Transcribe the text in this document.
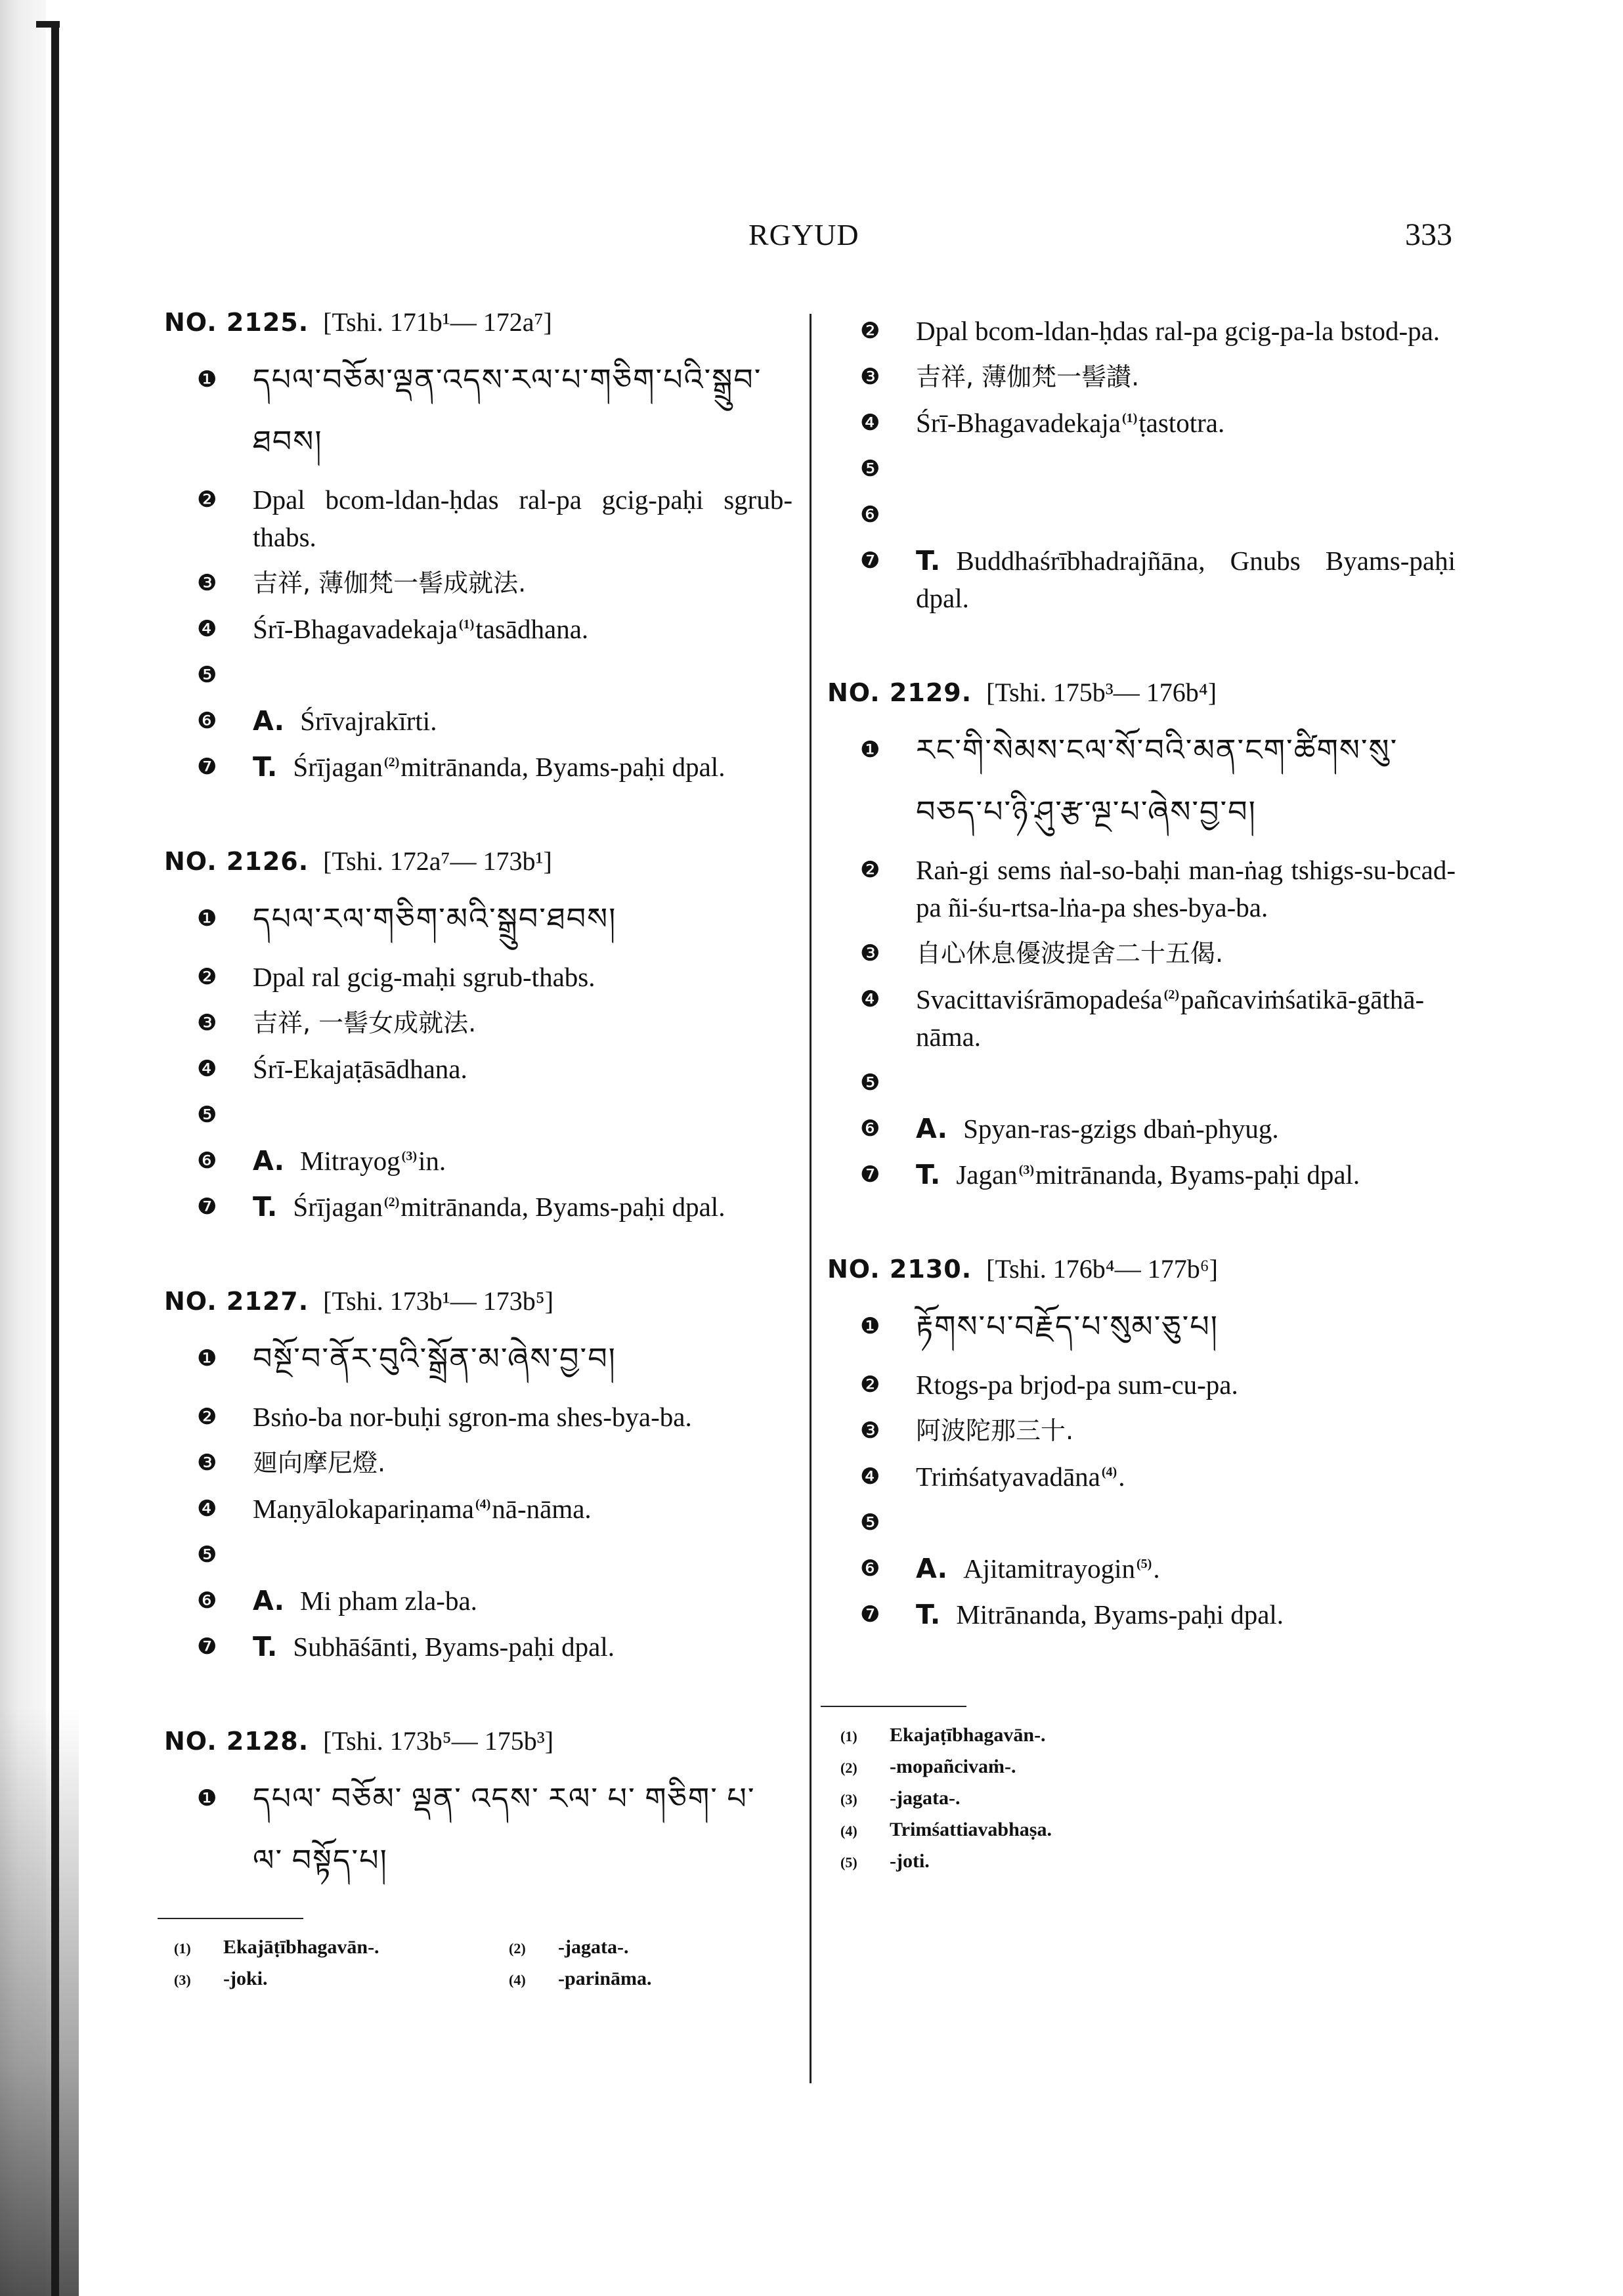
RGYUD	333
NO. 2125. [Tshi. 171b¹— 172a⁷]
❶ དཔལ་བཅོམ་ལྡན་འདས་རལ་པ་གཅིག་པའི་སྒྲུབ་ཐབས།
❷ Dpal bcom-ldan-ḥdas ral-pa gcig-paḥi sgrub-thabs.
❸ 吉祥, 薄伽梵一髻成就法.
❹ Śrī-Bhagavadekaja $^{(1)}$tasādhana.
❺
❻ A. Śrīvajrakīrti.
❼ T. Śrījagan $^{(2)}$mitrānanda, Byams-paḥi dpal.
NO. 2126. [Tshi. 172a⁷— 173b¹]
❶ དཔལ་རལ་གཅིག་མའི་སྒྲུབ་ཐབས།
❷ Dpal ral gcig-maḥi sgrub-thabs.
❸ 吉祥, 一髻女成就法.
❹ Śrī-Ekajaṭāsādhana.
❺
❻ A. Mitrayog $^{(3)}$in.
❼ T. Śrījagan $^{(2)}$mitrānanda, Byams-paḥi dpal.
NO. 2127. [Tshi. 173b¹— 173b⁵]
❶ བསྔོ་བ་ནོར་བུའི་སྒྲོན་མ་ཞེས་བྱ་བ།
❷ Bsṅo-ba nor-buḥi sgron-ma shes-bya-ba.
❸ 廻向摩尼燈.
❹ Maṇyālokapariṇama $^{(4)}$nā-nāma.
❺
❻ A. Mi pham zla-ba.
❼ T. Subhāśānti, Byams-paḥi dpal.
NO. 2128. [Tshi. 173b⁵— 175b³]
❶ དཔལ་ བཅོམ་ ལྡན་ འདས་ རལ་ པ་ གཅིག་ པ་ ལ་ བསྟོད་པ།
(1) Ekajāṭībhagavān-.	(2) -jagata-.
(3) -joki.	(4) -parināma.
❷ Dpal bcom-ldan-ḥdas ral-pa gcig-pa-la bstod-pa.
❸ 吉祥, 薄伽梵一髻讃.
❹ Śrī-Bhagavadekaja $^{(1)}$ṭastotra.
❺
❻
❼ T. Buddhaśrībhadrajñāna, Gnubs Byams-paḥi dpal.
NO. 2129. [Tshi. 175b³— 176b⁴]
❶ རང་གི་སེམས་ངལ་སོ་བའི་མན་ངག་ཚིགས་སུ་བཅད་པ་ཉི་ཤུ་རྩ་ལྔ་པ་ཞེས་བྱ་བ།
❷ Raṅ-gi sems ṅal-so-baḥi man-ṅag tshigs-su-bcad-pa ñi-śu-rtsa-lṅa-pa shes-bya-ba.
❸ 自心休息優波提舍二十五偈.
❹ Svacittaviśrāmopadeśa $^{(2)}$pañcaviṁśatikā-gāthā-nāma.
❺
❻ A. Spyan-ras-gzigs dbaṅ-phyug.
❼ T. Jagan $^{(3)}$mitrānanda, Byams-paḥi dpal.
NO. 2130. [Tshi. 176b⁴— 177b⁶]
❶ རྟོགས་པ་བརྗོད་པ་སུམ་ཅུ་པ།
❷ Rtogs-pa brjod-pa sum-cu-pa.
❸ 阿波陀那三十.
❹ Triṁśatyavadāna $^{(4)}$.
❺
❻ A. Ajitamitrayogin $^{(5)}$.
❼ T. Mitrānanda, Byams-paḥi dpal.
(1) Ekajaṭībhagavān-.
(2) -mopañcivaṁ-.
(3) -jagata-.
(4) Trimśattiavabhaṣa.
(5) -joti.
